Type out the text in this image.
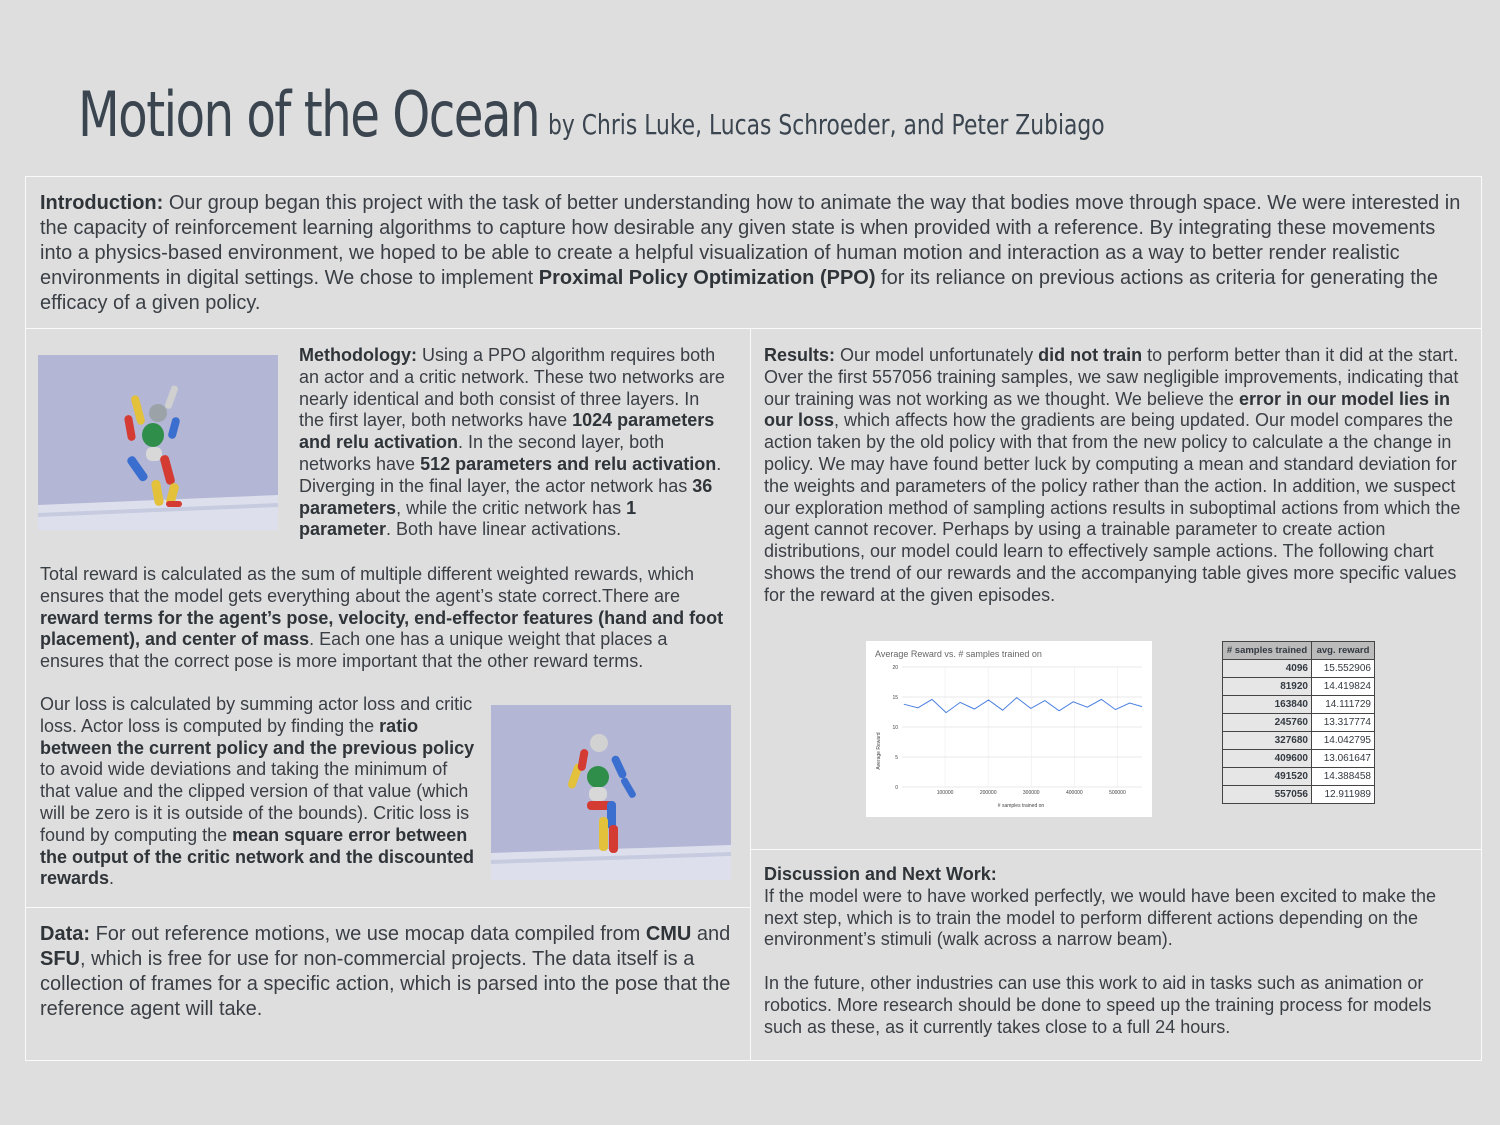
Motion of the Ocean by Chris Luke, Lucas Schroeder, and Peter Zubiago

Introduction: Our group began this project with the task of better understanding how to animate the way that bodies move through space. We were interested in the capacity of reinforcement learning algorithms to capture how desirable any given state is when provided with a reference. By integrating these movements into a physics-based environment, we hoped to be able to create a helpful visualization of human motion and interaction as a way to better render realistic environments in digital settings. We chose to implement Proximal Policy Optimization (PPO) for its reliance on previous actions as criteria for generating the efficacy of a given policy.

Methodology: Using a PPO algorithm requires both an actor and a critic network. These two networks are nearly identical and both consist of three layers. In the first layer, both networks have 1024 parameters and relu activation. In the second layer, both networks have 512 parameters and relu activation. Diverging in the final layer, the actor network has 36 parameters, while the critic network has 1 parameter. Both have linear activations.

Total reward is calculated as the sum of multiple different weighted rewards, which ensures that the model gets everything about the agent’s state correct.There are reward terms for the agent’s pose, velocity, end-effector features (hand and foot placement), and center of mass. Each one has a unique weight that places a ensures that the correct pose is more important that the other reward terms.

Our loss is calculated by summing actor loss and critic loss. Actor loss is computed by finding the ratio between the current policy and the previous policy to avoid wide deviations and taking the minimum of that value and the clipped version of that value (which will be zero is it is outside of the bounds). Critic loss is found by computing the mean square error between the output of the critic network and the discounted rewards.

Data: For out reference motions, we use mocap data compiled from CMU and SFU, which is free for use for non-commercial projects. The data itself is a collection of frames for a specific action, which is parsed into the pose that the reference agent will take.

Results: Our model unfortunately did not train to perform better than it did at the start. Over the first 557056 training samples, we saw negligible improvements, indicating that our training was not working as we thought. We believe the error in our model lies in our loss, which affects how the gradients are being updated. Our model compares the action taken by the old policy with that from the new policy to calculate a the change in policy. We may have found better luck by computing a mean and standard deviation for the weights and parameters of the policy rather than the action. In addition, we suspect our exploration method of sampling actions results in suboptimal actions from which the agent cannot recover. Perhaps by using a trainable parameter to create action distributions, our model could learn to effectively sample actions. The following chart shows the trend of our rewards and the accompanying table gives more specific values for the reward at the given episodes.

Average Reward vs. # samples trained on
Average Reward
# samples trained on
0
5
10
15
20
100000	200000	300000	400000	500000
# samples trained	avg. reward
4096	15.552906
81920	14.419824
163840	14.111729
245760	13.317774
327680	14.042795
409600	13.061647
491520	14.388458
557056	12.911989

Discussion and Next Work:
If the model were to have worked perfectly, we would have been excited to make the next step, which is to train the model to perform different actions depending on the environment’s stimuli (walk across a narrow beam).

In the future, other industries can use this work to aid in tasks such as animation or robotics. More research should be done to speed up the training process for models such as these, as it currently takes close to a full 24 hours.
